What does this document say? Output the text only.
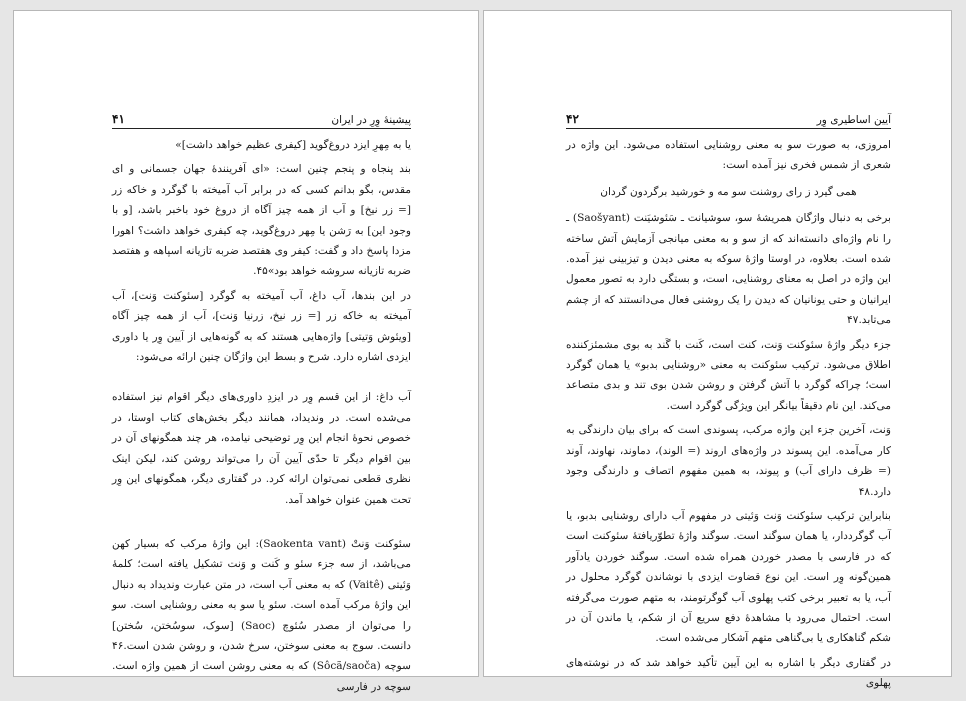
۴۱	پیشینهٔ وِرِ در ایران

یا به مِهرِ ایزد دروغ‌گوید [کیفری عظیم خواهد داشت]»

بند پنجاه و پنجم چنین است: «ای آفرینندهٔ جهان جسمانی و ای مقدس، بگو بدانم کسی که در برابر آب آمیخته با گوگرد و خاکه زر [= زر نیخ] و آب از همه چیز آگاه از دروغ خود باخبر باشد، [و با وجود این] به رَشن یا مِهر دروغ‌گوید، چه کیفری خواهد داشت؟ اهورا مزدا پاسخ داد و گفت: کیفر وی هفتصد ضربه تازیانه اسپاهه و هفتصد ضربه تازیانه سروشه خواهد بود»۴۵.

در این بندها، آب داغ، آب آمیخته به گوگرد [سئوکنت وَنت]، آب آمیخته به خاکه زر [= زر نیخ، زرنیا وَنت]، آب از همه چیز آگاه [ویئوش وَتیتی] واژه‌هایی هستند که به گونه‌هایی از آیین وِر یا داوری ایزدی اشاره دارد. شرح و بسط این واژگان چنین ارائه می‌شود:

آب داغ: از این قسم وِر در ایزدِ داوری‌های دیگر اقوام نیز استفاده می‌شده است. در وندیداد، همانند دیگر بخش‌های کتاب اوستا، در خصوص نحوهٔ انجام این وِر توضیحی نیامده، هر چند همگونهای آن در بین اقوام دیگر تا حدّی آیین آن را می‌تواند روشن کند، لیکن اینک نظری قطعی نمی‌توان ارائه کرد. در گفتاری دیگر، همگونهای این وِر تحت همین عنوان خواهد آمد.

سئوکنت وَنتْ (Saokenta vant): این واژهٔ مرکب که بسیار کهن می‌باشد، از سه جزء سئو و کَنت و وَنت تشکیل یافته است؛ کلمهٔ وَئیتی (Vaitê) که به معنی آب است، در متن عبارت وندیداد به دنبال این واژهٔ مرکب آمده است. سئو یا سو به معنی روشنایی است. سو را می‌توان از مصدر سُئوچ (Saoc) [سوک، سوسُختن، سُختن] دانست. سوج به معنی سوختن، سرخ شدن، و روشن شدن است.۴۶ سوچه (Sôcã/saoča) که به معنی روشن است از همین واژه است. سوچه در فارسی

۴۲	آیین اساطیری وِر

امروزی، به صورت سو به معنی روشنایی استفاده می‌شود. این واژه در شعری از شمس فخری نیز آمده است:

همی گیرد ز رای روشنت سو مه و خورشید برگردون گردان

برخی به دنبال واژگان همریشهٔ سو، سوشیانت ـ سَئوشیَنت (Saošyant) ـ را نام واژه‌ای دانسته‌اند که از سو و به معنی میانجی آزمایش آتش ساخته شده است. بعلاوه، در اوستا واژهٔ سوکه به معنی دیدن و تیزبینی نیز آمده. این واژه در اصل به معنای روشنایی، است، و بستگی دارد به تصور معمول ایرانیان و حتی یونانیان که دیدن را یک روشنی فعال می‌دانستند که از چشم می‌تابد.۴۷

جزء دیگر واژهٔ سئوکنت وَنت، کنت است، کَنت با گَند به بوی مشمئزکننده اطلاق می‌شود. ترکیب سئوکنت به معنی «روشنایی بدبو» یا همان گوگرد است؛ چراکه گوگرد با آتش گرفتن و روشن شدن بوی تند و بدی متصاعد می‌کند. این نام دقیقاً بیانگر این ویژگی گوگرد است.

وَنت، آخرین جزء این واژه مرکب، پسوندی است که برای بیان دارندگی به کار می‌آمده. این پسوند در واژه‌های اروند (= الوند)، دماوند، نهاوند، آوند (= ظرف دارای آب) و پیوند، به همین مفهوم اتصاف و دارندگی وجود دارد.۴۸

بنابراین ترکیب سئوکنت وَنت وَئیتی در مفهوم آب دارای روشنایی بدبو، یا آب گوگرددار، یا همان سوگند است. سوگند واژهٔ تطوّریافتهٔ سئوکنت است که در فارسی با مصدر خوردن همراه شده است. سوگند خوردن یادآور همین‌گونه وِر است. این نوع قضاوت ایزدی با نوشاندن گوگرد محلول در آب، یا به تعبیر برخی کتب پهلوی آب گوگرتومند، به متهم صورت می‌گرفته است. احتمال می‌رود با مشاهدهٔ دفع سریع آن از شکم، یا ماندن آن در شکم گناهکاری یا بی‌گناهی متهم آشکار می‌شده است.

در گفتاری دیگر با اشاره به این آیین تأکید خواهد شد که در نوشته‌های پهلوی
